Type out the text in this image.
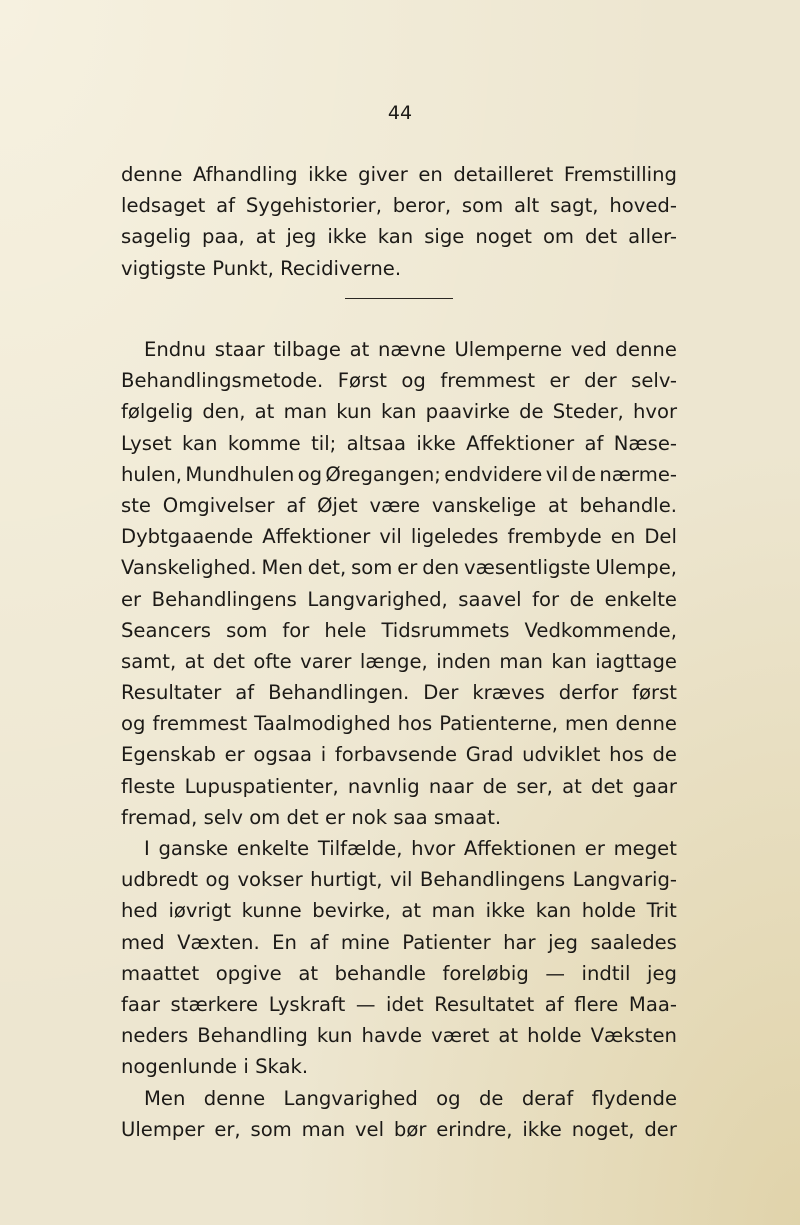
44
denne Afhandling ikke giver en detailleret Fremstilling
ledsaget af Sygehistorier, beror, som alt sagt, hoved-
sagelig paa, at jeg ikke kan sige noget om det aller-
vigtigste Punkt, Recidiverne.
Endnu staar tilbage at nævne Ulemperne ved denne
Behandlingsmetode. Først og fremmest er der selv-
følgelig den, at man kun kan paavirke de Steder, hvor
Lyset kan komme til; altsaa ikke Affektioner af Næse-
hulen, Mundhulen og Øregangen; endvidere vil de nærme-
ste Omgivelser af Øjet være vanskelige at behandle.
Dybtgaaende Affektioner vil ligeledes frembyde en Del
Vanskelighed. Men det, som er den væsentligste Ulempe,
er Behandlingens Langvarighed, saavel for de enkelte
Seancers som for hele Tidsrummets Vedkommende,
samt, at det ofte varer længe, inden man kan iagttage
Resultater af Behandlingen. Der kræves derfor først
og fremmest Taalmodighed hos Patienterne, men denne
Egenskab er ogsaa i forbavsende Grad udviklet hos de
fleste Lupuspatienter, navnlig naar de ser, at det gaar
fremad, selv om det er nok saa smaat.
I ganske enkelte Tilfælde, hvor Affektionen er meget
udbredt og vokser hurtigt, vil Behandlingens Langvarig-
hed iøvrigt kunne bevirke, at man ikke kan holde Trit
med Væxten. En af mine Patienter har jeg saaledes
maattet opgive at behandle foreløbig — indtil jeg
faar stærkere Lyskraft — idet Resultatet af flere Maa-
neders Behandling kun havde været at holde Væksten
nogenlunde i Skak.
Men denne Langvarighed og de deraf flydende
Ulemper er, som man vel bør erindre, ikke noget, der
